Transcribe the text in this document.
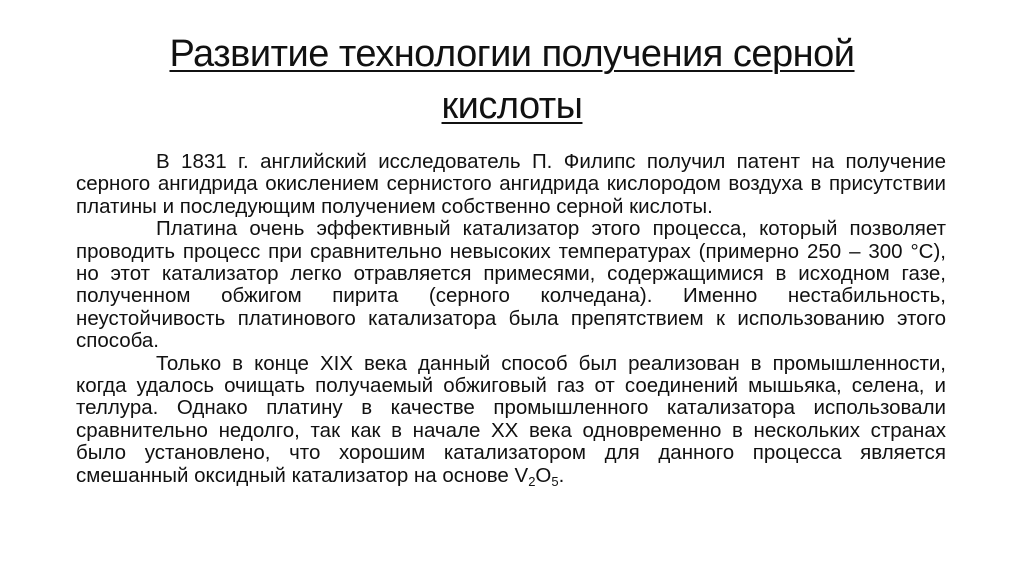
Развитие технологии получения серной
кислоты

В 1831 г. английский исследователь П. Филипс получил патент на получение серного ангидрида окислением сернистого ангидрида кислородом воздуха в присутствии платины и последующим получением собственно серной кислоты.

Платина очень эффективный катализатор этого процесса, который позволяет проводить процесс при сравнительно невысоких температурах (примерно 250 – 300 °С), но этот катализатор легко отравляется примесями, содержащимися в исходном газе, полученном обжигом пирита (серного колчедана). Именно нестабильность, неустойчивость платинового катализатора была препятствием к использованию этого способа.

Только в конце XIX века данный способ был реализован в промышленности, когда удалось очищать получаемый обжиговый газ от соединений мышьяка, селена, и теллура. Однако платину в качестве промышленного катализатора использовали сравнительно недолго, так как в начале XX века одновременно в нескольких странах было установлено, что хорошим катализатором для данного процесса является смешанный оксидный катализатор на основе $V_2O_5$.
